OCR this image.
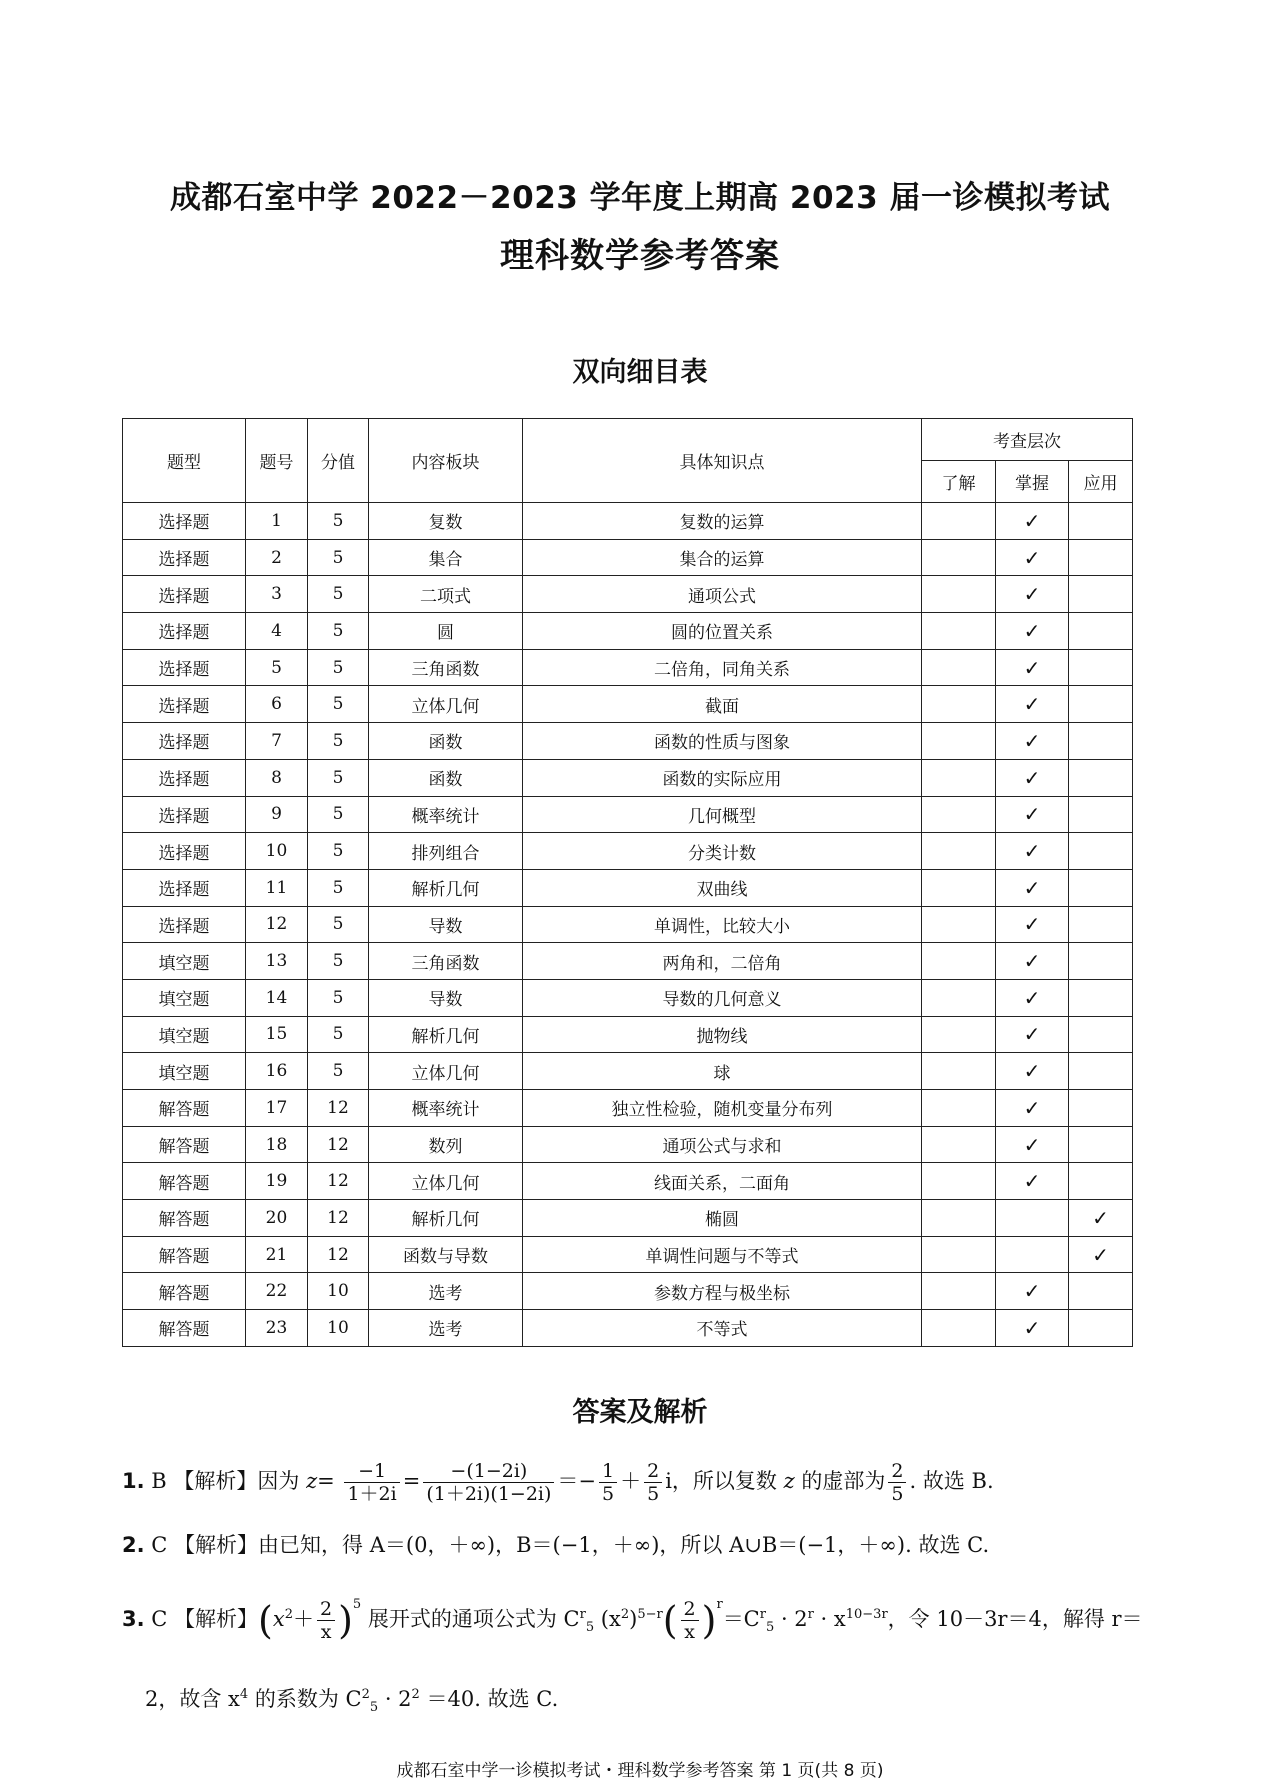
成都石室中学 2022－2023 学年度上期高 2023 届一诊模拟考试
理科数学参考答案
双向细目表
题型	题号	分值	内容板块	具体知识点	考查层次		
					了解	掌握	应用
选择题	1	5	复数	复数的运算		✓	
选择题	2	5	集合	集合的运算		✓	
选择题	3	5	二项式	通项公式		✓	
选择题	4	5	圆	圆的位置关系		✓	
选择题	5	5	三角函数	二倍角，同角关系		✓	
选择题	6	5	立体几何	截面		✓	
选择题	7	5	函数	函数的性质与图象		✓	
选择题	8	5	函数	函数的实际应用		✓	
选择题	9	5	概率统计	几何概型		✓	
选择题	10	5	排列组合	分类计数		✓	
选择题	11	5	解析几何	双曲线		✓	
选择题	12	5	导数	单调性，比较大小		✓	
填空题	13	5	三角函数	两角和，二倍角		✓	
填空题	14	5	导数	导数的几何意义		✓	
填空题	15	5	解析几何	抛物线		✓	
填空题	16	5	立体几何	球		✓	
解答题	17	12	概率统计	独立性检验，随机变量分布列		✓	
解答题	18	12	数列	通项公式与求和		✓	
解答题	19	12	立体几何	线面关系，二面角		✓	
解答题	20	12	解析几何	椭圆			✓
解答题	21	12	函数与导数	单调性问题与不等式			✓
解答题	22	10	选考	参数方程与极坐标		✓	
解答题	23	10	选考	不等式		✓	
答案及解析
1. B 【解析】因为 $z= \frac{-1}{1+2i} = \frac{-(1-2i)}{(1+2i)(1-2i)} =- \frac{1}{5} + \frac{2}{5}$ i，所以复数 z 的虚部为 $\frac{2}{5}$ . 故选 B.
2. C 【解析】由已知，得 A＝(0，＋∞)，B＝(−1，＋∞)，所以 A∪B＝(−1，＋∞). 故选 C.
3. C 【解析】$(x^2+ \frac{2}{x} )^5$ 展开式的通项公式为 $C^r_5$ $(x^2)^{5-r}( \frac{2}{x} )^r=C^r_5 \cdot 2^r \cdot x^{10-3r}$，令 10－3r＝4，解得 r＝
2，故含 $x^4$ 的系数为 $C^2_5 \cdot 2^2 =40$. 故选 C.
成都石室中学一诊模拟考试・理科数学参考答案 第 1 页(共 8 页)
